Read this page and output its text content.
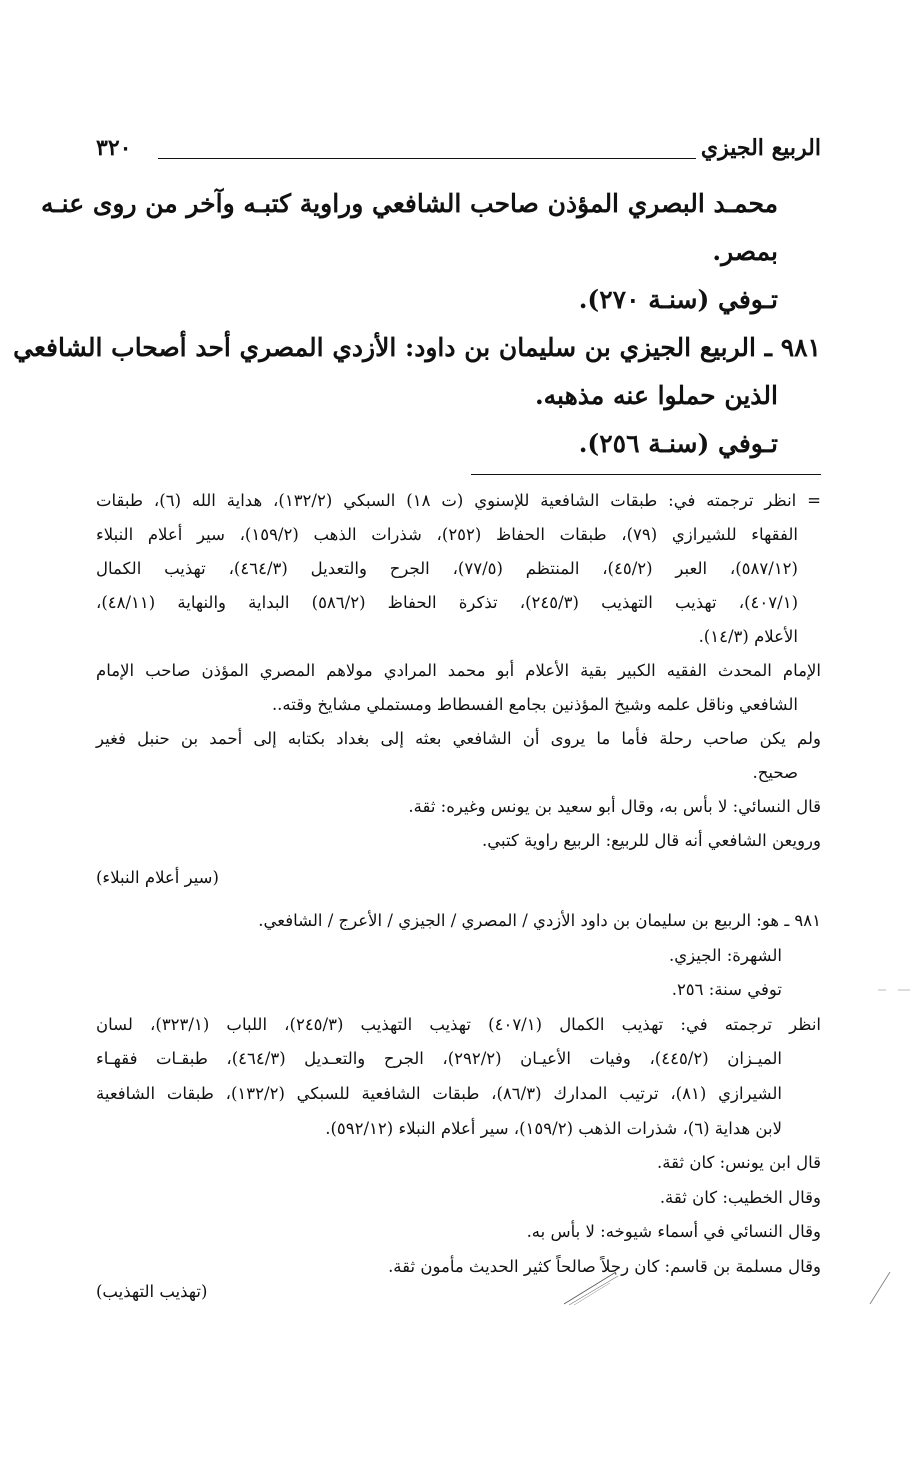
الربيع الجيزي
٣٢٠
محمـد البصري المؤذن صاحب الشافعي وراوية كتبـه وآخر من روى عنـه
بمصر.
تـوفي (سنـة ٢٧٠).
٩٨١ ـ الربيع الجيزي بن سليمان بن داود: الأزدي المصري أحد أصحاب الشافعي
الذين حملوا عنه مذهبه.
تـوفي (سنـة ٢٥٦).
= انظر ترجمته في: طبقات الشافعية للإسنوي (ت ١٨) السبكي (١٣٢/٢)، هداية الله (٦)، طبقات
الفقهاء للشيرازي (٧٩)، طبقات الحفاظ (٢٥٢)، شذرات الذهب (١٥٩/٢)، سير أعلام النبلاء
(٥٨٧/١٢)، العبر (٤٥/٢)، المنتظم (٧٧/٥)، الجرح والتعديل (٤٦٤/٣)، تهذيب الكمال
(٤٠٧/١)، تهذيب التهذيب (٢٤٥/٣)، تذكرة الحفاظ (٥٨٦/٢) البداية والنهاية (٤٨/١١)،
الأعلام (١٤/٣).
الإمام المحدث الفقيه الكبير بقية الأعلام أبو محمد المرادي مولاهم المصري المؤذن صاحب الإمام
الشافعي وناقل علمه وشيخ المؤذنين بجامع الفسطاط ومستملي مشايخ وقته..
ولم يكن صاحب رحلة فأما ما يروى أن الشافعي بعثه إلى بغداد بكتابه إلى أحمد بن حنبل فغير
صحيح.
قال النسائي: لا بأس به، وقال أبو سعيد بن يونس وغيره: ثقة.
ورويعن الشافعي أنه قال للربيع: الربيع راوية كتبي.
(سير أعلام النبلاء)
٩٨١ ـ هو: الربيع بن سليمان بن داود الأزدي / المصري / الجيزي / الأعرج / الشافعي.
الشهرة: الجيزي.
توفي سنة: ٢٥٦.
انظر ترجمته في: تهذيب الكمال (٤٠٧/١) تهذيب التهذيب (٢٤٥/٣)، اللباب (٣٢٣/١)، لسان
الميـزان (٤٤٥/٢)، وفيات الأعيـان (٢٩٢/٢)، الجرح والتعـديل (٤٦٤/٣)، طبقـات فقهـاء
الشيرازي (٨١)، ترتيب المدارك (٨٦/٣)، طبقات الشافعية للسبكي (١٣٢/٢)، طبقات الشافعية
لابن هداية (٦)، شذرات الذهب (١٥٩/٢)، سير أعلام النبلاء (٥٩٢/١٢).
قال ابن يونس: كان ثقة.
وقال الخطيب: كان ثقة.
وقال النسائي في أسماء شيوخه: لا بأس به.
وقال مسلمة بن قاسم: كان رجلاً صالحاً كثير الحديث مأمون ثقة.
(تهذيب التهذيب)
